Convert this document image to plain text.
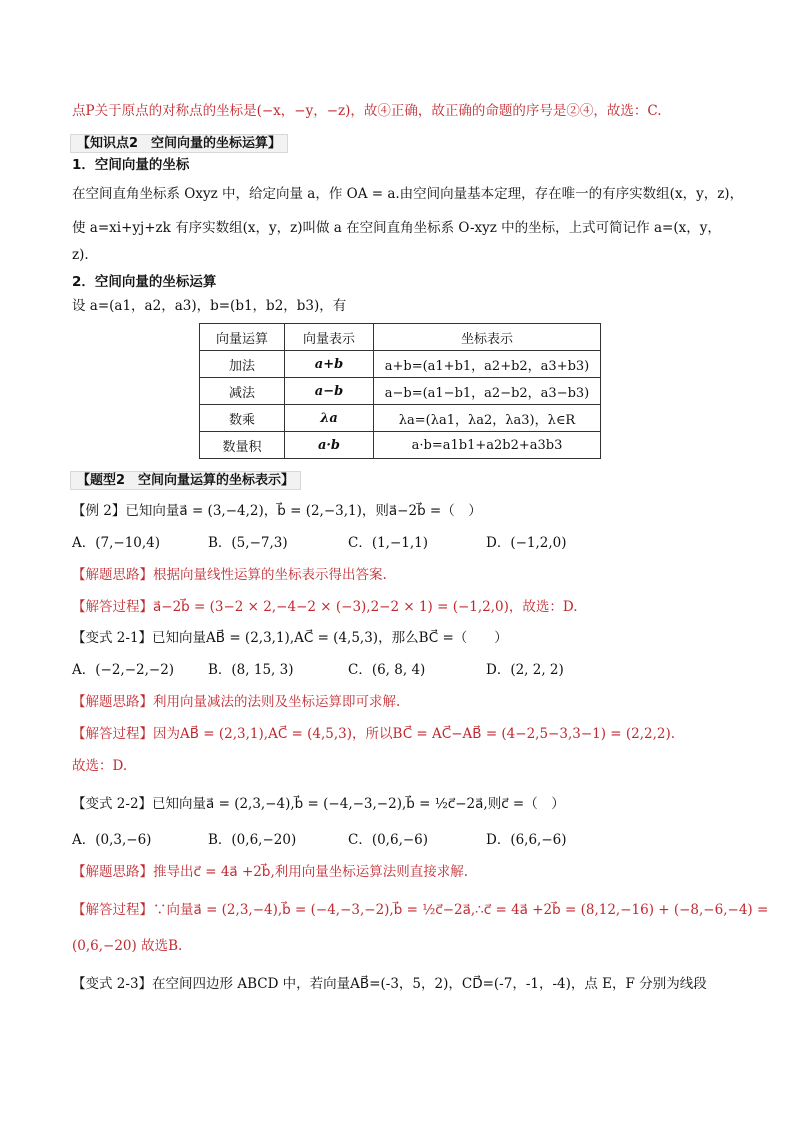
点P关于原点的对称点的坐标是(−x，−y，−z)，故④正确，故正确的命题的序号是②④，故选：C.
【知识点2　空间向量的坐标运算】
1．空间向量的坐标
在空间直角坐标系 Oxyz 中，给定向量 a，作 OA = a.由空间向量基本定理，存在唯一的有序实数组(x，y，z)，
使 a=xi+yj+zk 有序实数组(x，y，z)叫做 a 在空间直角坐标系 O-xyz 中的坐标，上式可简记作 a=(x，y，
z).
2．空间向量的坐标运算
设 a=(a1，a2，a3)，b=(b1，b2，b3)，有
向量运算	向量表示	坐标表示
加法	a+b	a+b=(a1+b1，a2+b2，a3+b3)
减法	a−b	a−b=(a1−b1，a2−b2，a3−b3)
数乘	λa	λa=(λa1，λa2，λa3)，λ∈R
数量积	a·b	a·b=a1b1+a2b2+a3b3
【题型2　空间向量运算的坐标表示】
【例 2】已知向量a⃗ = (3,−4,2)，b⃗ = (2,−3,1)，则a⃗−2b⃗ =（　）
A．(7,−10,4)	B．(5,−7,3)	C．(1,−1,1)	D．(−1,2,0)
【解题思路】根据向量线性运算的坐标表示得出答案.
【解答过程】a⃗−2b⃗ = (3−2 × 2,−4−2 × (−3),2−2 × 1) = (−1,2,0)，故选：D.
【变式 2-1】已知向量AB⃗ = (2,3,1),AC⃗ = (4,5,3)，那么BC⃗ =（　　）
A．(−2,−2,−2)	B．(8, 15, 3)	C．(6, 8, 4)	D．(2, 2, 2)
【解题思路】利用向量减法的法则及坐标运算即可求解.
【解答过程】因为AB⃗ = (2,3,1),AC⃗ = (4,5,3)，所以BC⃗ = AC⃗−AB⃗ = (4−2,5−3,3−1) = (2,2,2).
故选：D.
【变式 2-2】已知向量a⃗ = (2,3,−4),b⃗ = (−4,−3,−2),b⃗ = ½c⃗−2a⃗,则c⃗ =（　）
A．(0,3,−6)	B．(0,6,−20)	C．(0,6,−6)	D．(6,6,−6)
【解题思路】推导出c⃗ = 4a⃗ +2b⃗,利用向量坐标运算法则直接求解.
【解答过程】∵向量a⃗ = (2,3,−4),b⃗ = (−4,−3,−2),b⃗ = ½c⃗−2a⃗,∴c⃗ = 4a⃗ +2b⃗ = (8,12,−16) + (−8,−6,−4) =
(0,6,−20) 故选B.
【变式 2-3】在空间四边形 ABCD 中，若向量AB⃗=(-3，5，2)，CD⃗=(-7，-1，-4)，点 E，F 分别为线段
